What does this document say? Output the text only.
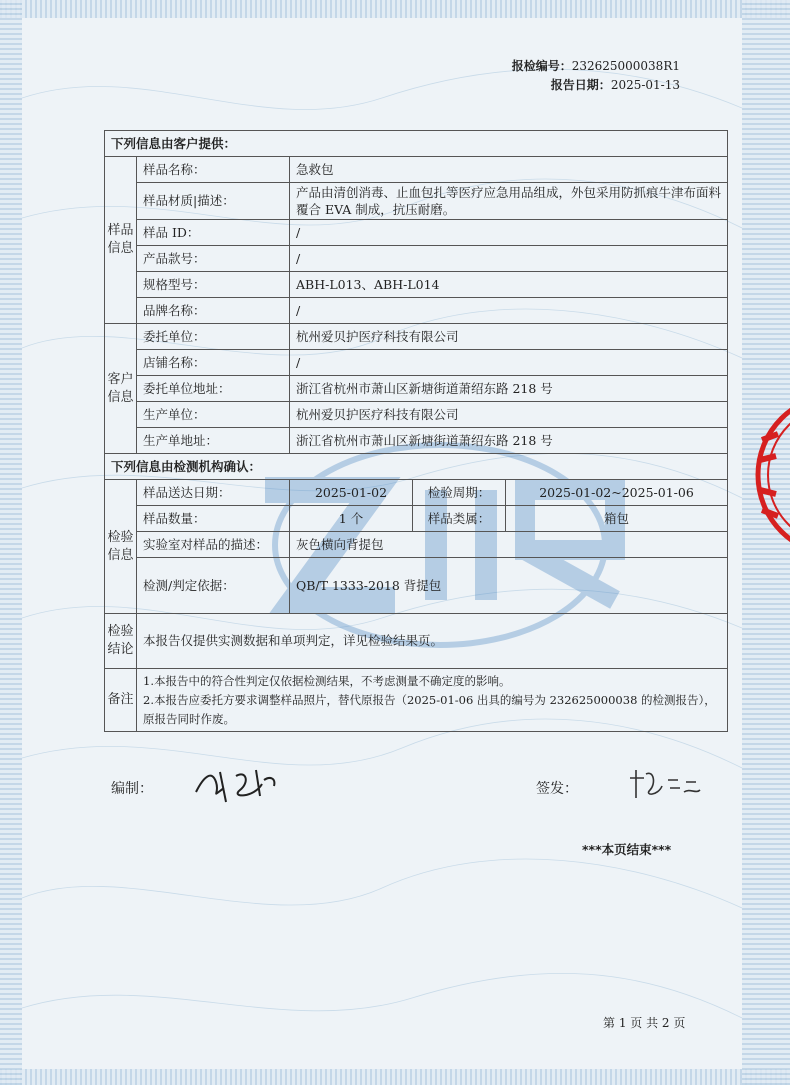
报检编号：232625000038R1
报告日期：2025-01-13
下列信息由客户提供：				
样品信息	样品名称：	急救包		
	样品材质|描述：	产品由清创消毒、止血包扎等医疗应急用品组成，外包采用防抓痕牛津布面料覆合 EVA 制成，抗压耐磨。		
	样品 ID：	/		
	产品款号：	/		
	规格型号：	ABH-L013、ABH-L014		
	品牌名称：	/		
客户信息	委托单位：	杭州爱贝护医疗科技有限公司		
	店铺名称：	/		
	委托单位地址：	浙江省杭州市萧山区新塘街道萧绍东路 218 号		
	生产单位：	杭州爱贝护医疗科技有限公司		
	生产单地址：	浙江省杭州市萧山区新塘街道萧绍东路 218 号		
下列信息由检测机构确认：				
检验信息	样品送达日期：	2025-01-02	检验周期：	2025-01-02~2025-01-06
	样品数量：	1 个	样品类属：	箱包
	实验室对样品的描述：	灰色横向背提包		
	检测/判定依据：	QB/T 1333-2018 背提包		
检验结论	本报告仅提供实测数据和单项判定，详见检验结果页。			
备注	1.本报告中的符合性判定仅依据检测结果，不考虑测量不确定度的影响。
2.本报告应委托方要求调整样品照片，替代原报告（2025-01-06 出具的编号为 232625000038 的检测报告），原报告同时作废。			
编制：	签发：
***本页结束***
第 1 页 共 2 页
